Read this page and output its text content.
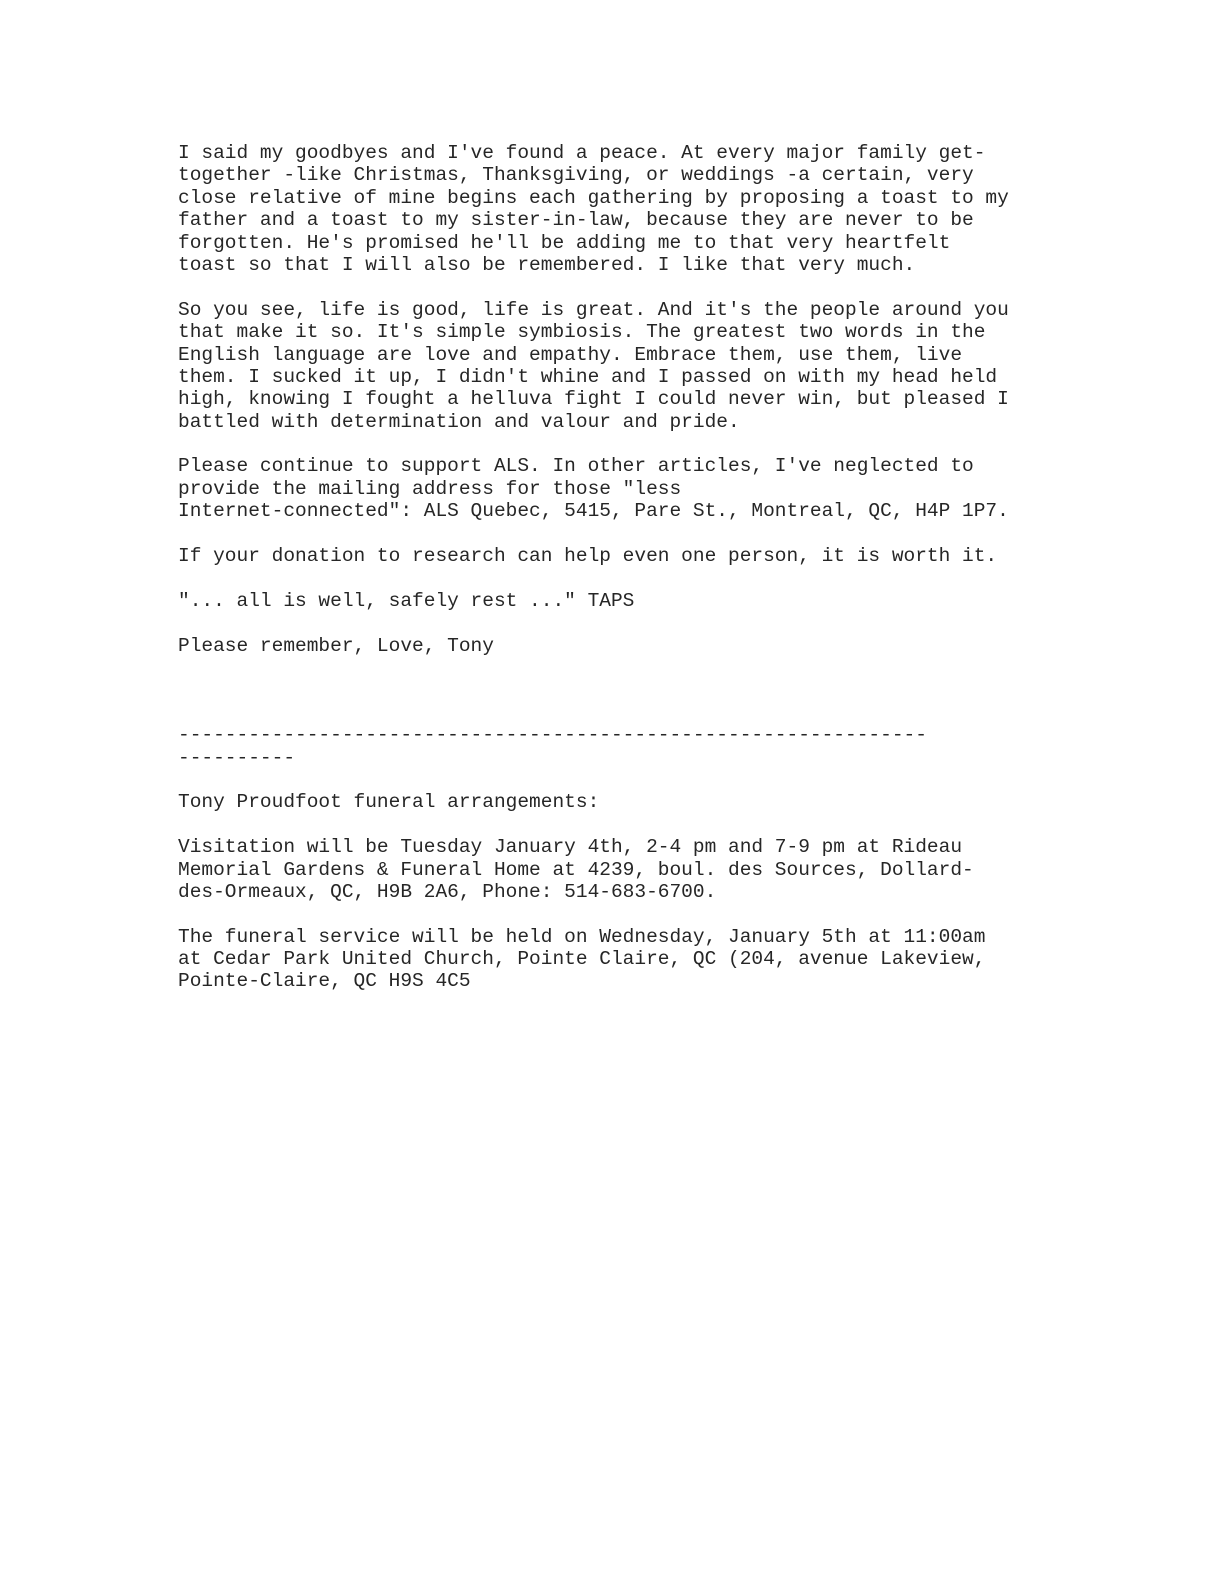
I said my goodbyes and I've found a peace. At every major family get-
together -like Christmas, Thanksgiving, or weddings -a certain, very
close relative of mine begins each gathering by proposing a toast to my
father and a toast to my sister-in-law, because they are never to be
forgotten. He's promised he'll be adding me to that very heartfelt
toast so that I will also be remembered. I like that very much.
So you see, life is good, life is great. And it's the people around you
that make it so. It's simple symbiosis. The greatest two words in the
English language are love and empathy. Embrace them, use them, live
them. I sucked it up, I didn't whine and I passed on with my head held
high, knowing I fought a helluva fight I could never win, but pleased I
battled with determination and valour and pride.
Please continue to support ALS. In other articles, I've neglected to
provide the mailing address for those "less
Internet-connected": ALS Quebec, 5415, Pare St., Montreal, QC, H4P 1P7.
If your donation to research can help even one person, it is worth it.
"... all is well, safely rest ..." TAPS
Please remember, Love, Tony
----------------------------------------------------------------
----------
Tony Proudfoot funeral arrangements:
Visitation will be Tuesday January 4th, 2-4 pm and 7-9 pm at Rideau
Memorial Gardens & Funeral Home at 4239, boul. des Sources, Dollard-
des-Ormeaux, QC, H9B 2A6, Phone: 514-683-6700.
The funeral service will be held on Wednesday, January 5th at 11:00am
at Cedar Park United Church, Pointe Claire, QC (204, avenue Lakeview,
Pointe-Claire, QC H9S 4C5
